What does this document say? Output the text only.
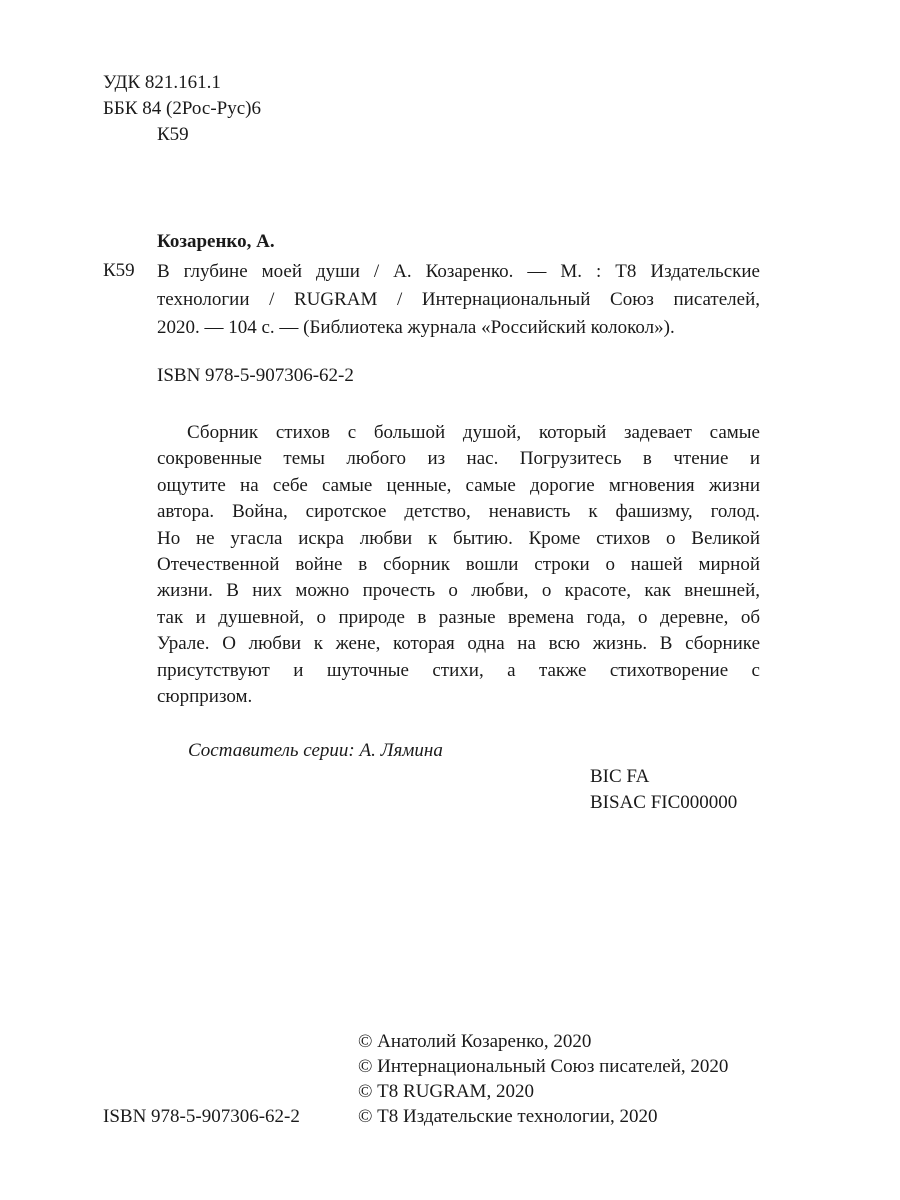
УДК 821.161.1
ББК 84 (2Рос-Рус)6
К59
Козаренко, А.
К59 В глубине моей души / А. Козаренко. — М. : Т8 Издательские
технологии / RUGRAM / Интернациональный Союз писателей,
2020. — 104 с. — (Библиотека журнала «Российский колокол»).
ISBN 978-5-907306-62-2
Сборник стихов с большой душой, который задевает самые
сокровенные темы любого из нас. Погрузитесь в чтение и
ощутите на себе самые ценные, самые дорогие мгновения жизни
автора. Война, сиротское детство, ненависть к фашизму, голод.
Но не угасла искра любви к бытию. Кроме стихов о Великой
Отечественной войне в сборник вошли строки о нашей мирной
жизни. В них можно прочесть о любви, о красоте, как внешней,
так и душевной, о природе в разные времена года, о деревне, об
Урале. О любви к жене, которая одна на всю жизнь. В сборнике
присутствуют и шуточные стихи, а также стихотворение с
сюрпризом.
Составитель серии: А. Лямина
BIC FA
BISAC FIC000000
© Анатолий Козаренко, 2020
© Интернациональный Союз писателей, 2020
© Т8 RUGRAM, 2020
ISBN 978-5-907306-62-2	© Т8 Издательские технологии, 2020
